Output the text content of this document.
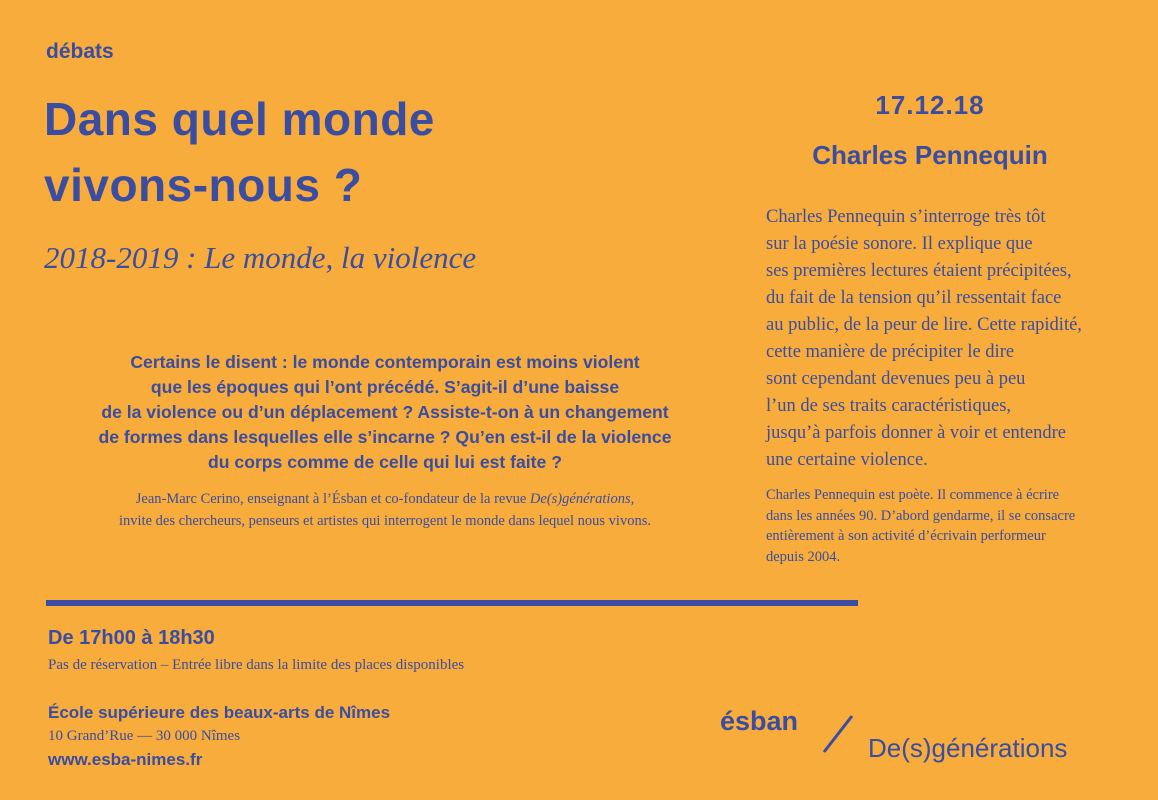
débats
Dans quel monde
vivons-nous ?
2018-2019 : Le monde, la violence
Certains le disent : le monde contemporain est moins violent
que les époques qui l’ont précédé. S’agit-il d’une baisse
de la violence ou d’un déplacement ? Assiste-t-on à un changement
de formes dans lesquelles elle s’incarne ? Qu’en est-il de la violence
du corps comme de celle qui lui est faite ?
Jean-Marc Cerino, enseignant à l’Ésban et co-fondateur de la revue De(s)générations,
invite des chercheurs, penseurs et artistes qui interrogent le monde dans lequel nous vivons.
17.12.18
Charles Pennequin
Charles Pennequin s’interroge très tôt
sur la poésie sonore. Il explique que
ses premières lectures étaient précipitées,
du fait de la tension qu’il ressentait face
au public, de la peur de lire. Cette rapidité,
cette manière de précipiter le dire
sont cependant devenues peu à peu
l’un de ses traits caractéristiques,
jusqu’à parfois donner à voir et entendre
une certaine violence.
Charles Pennequin est poète. Il commence à écrire
dans les années 90. D’abord gendarme, il se consacre
entièrement à son activité d’écrivain performeur
depuis 2004.
De 17h00 à 18h30
Pas de réservation – Entrée libre dans la limite des places disponibles
École supérieure des beaux-arts de Nîmes
10 Grand’Rue — 30 000 Nîmes
www.esba-nimes.fr
ésban
De(s)générations
